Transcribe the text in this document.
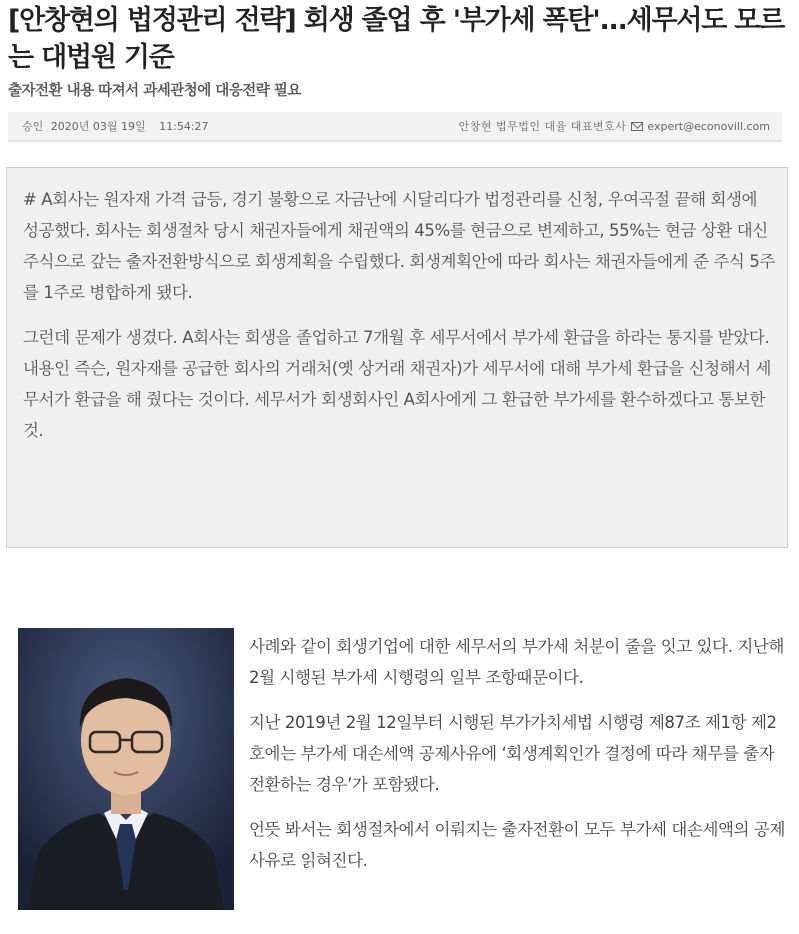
[안창현의 법정관리 전략] 회생 졸업 후 '부가세 폭탄'...세무서도 모르는 대법원 기준
출자전환 내용 따져서 과세관청에 대응전략 필요
승인 2020년 03월 19일 11:54:27	안창현 법무법인 대율 대표변호사 expert@econovill.com

# A회사는 원자재 가격 급등, 경기 불황으로 자금난에 시달리다가 법정관리를 신청, 우여곡절 끝해 회생에 성공했다. 회사는 회생절차 당시 채권자들에게 채권액의 45%를 현금으로 변제하고, 55%는 현금 상환 대신 주식으로 갚는 출자전환방식으로 회생계획을 수립했다. 회생계획안에 따라 회사는 채권자들에게 준 주식 5주를 1주로 병합하게 됐다.

그런데 문제가 생겼다. A회사는 회생을 졸업하고 7개월 후 세무서에서 부가세 환급을 하라는 통지를 받았다. 내용인 즉슨, 원자재를 공급한 회사의 거래처(옛 상거래 채권자)가 세무서에 대해 부가세 환급을 신청해서 세무서가 환급을 해 줬다는 것이다. 세무서가 회생회사인 A회사에게 그 환급한 부가세를 환수하겠다고 통보한 것.

사례와 같이 회생기업에 대한 세무서의 부가세 처분이 줄을 잇고 있다. 지난해 2월 시행된 부가세 시행령의 일부 조항때문이다.

지난 2019년 2월 12일부터 시행된 부가가치세법 시행령 제87조 제1항 제2호에는 부가세 대손세액 공제사유에 ‘회생계획인가 결정에 따라 채무를 출자전환하는 경우’가 포함됐다.

언뜻 봐서는 회생절차에서 이뤄지는 출자전환이 모두 부가세 대손세액의 공제사유로 읽혀진다.
